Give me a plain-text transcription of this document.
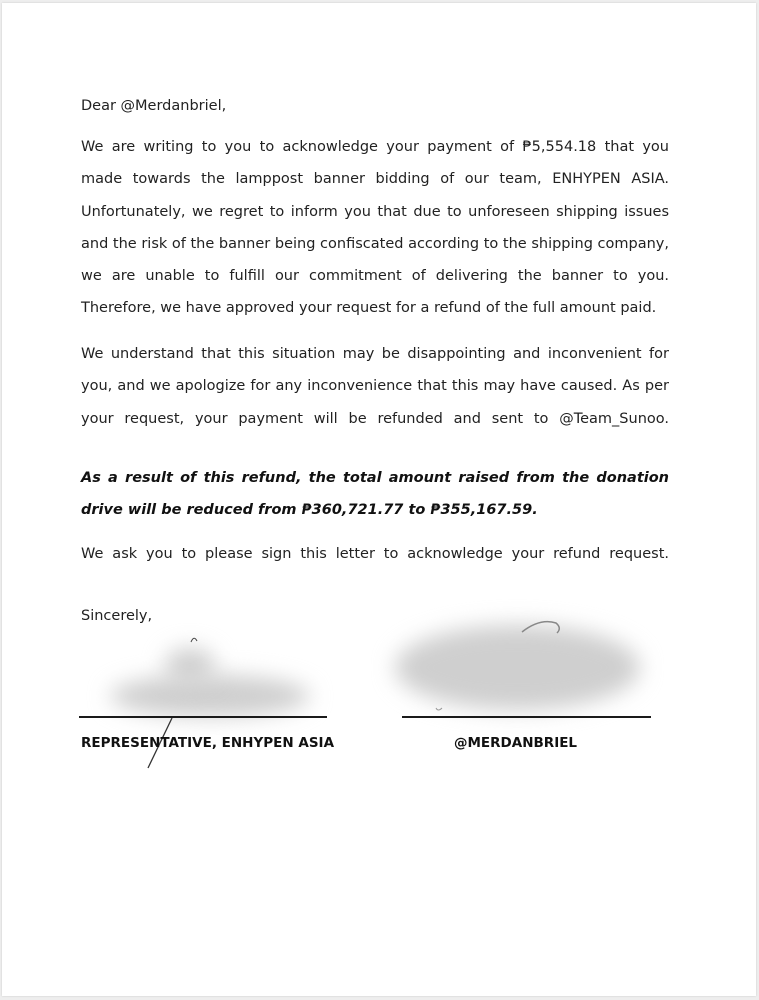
Dear @Merdanbriel,

We are writing to you to acknowledge your payment of ₱5,554.18 that you made towards the lamppost banner bidding of our team, ENHYPEN ASIA. Unfortunately, we regret to inform you that due to unforeseen shipping issues and the risk of the banner being confiscated according to the shipping company, we are unable to fulfill our commitment of delivering the banner to you. Therefore, we have approved your request for a refund of the full amount paid.

We understand that this situation may be disappointing and inconvenient for you, and we apologize for any inconvenience that this may have caused. As per your request, your payment will be refunded and sent to @Team_Sunoo.

As a result of this refund, the total amount raised from the donation drive will be reduced from ₱360,721.77 to ₱355,167.59.

We ask you to please sign this letter to acknowledge your refund request.

Sincerely,

REPRESENTATIVE, ENHYPEN ASIA	@MERDANBRIEL
